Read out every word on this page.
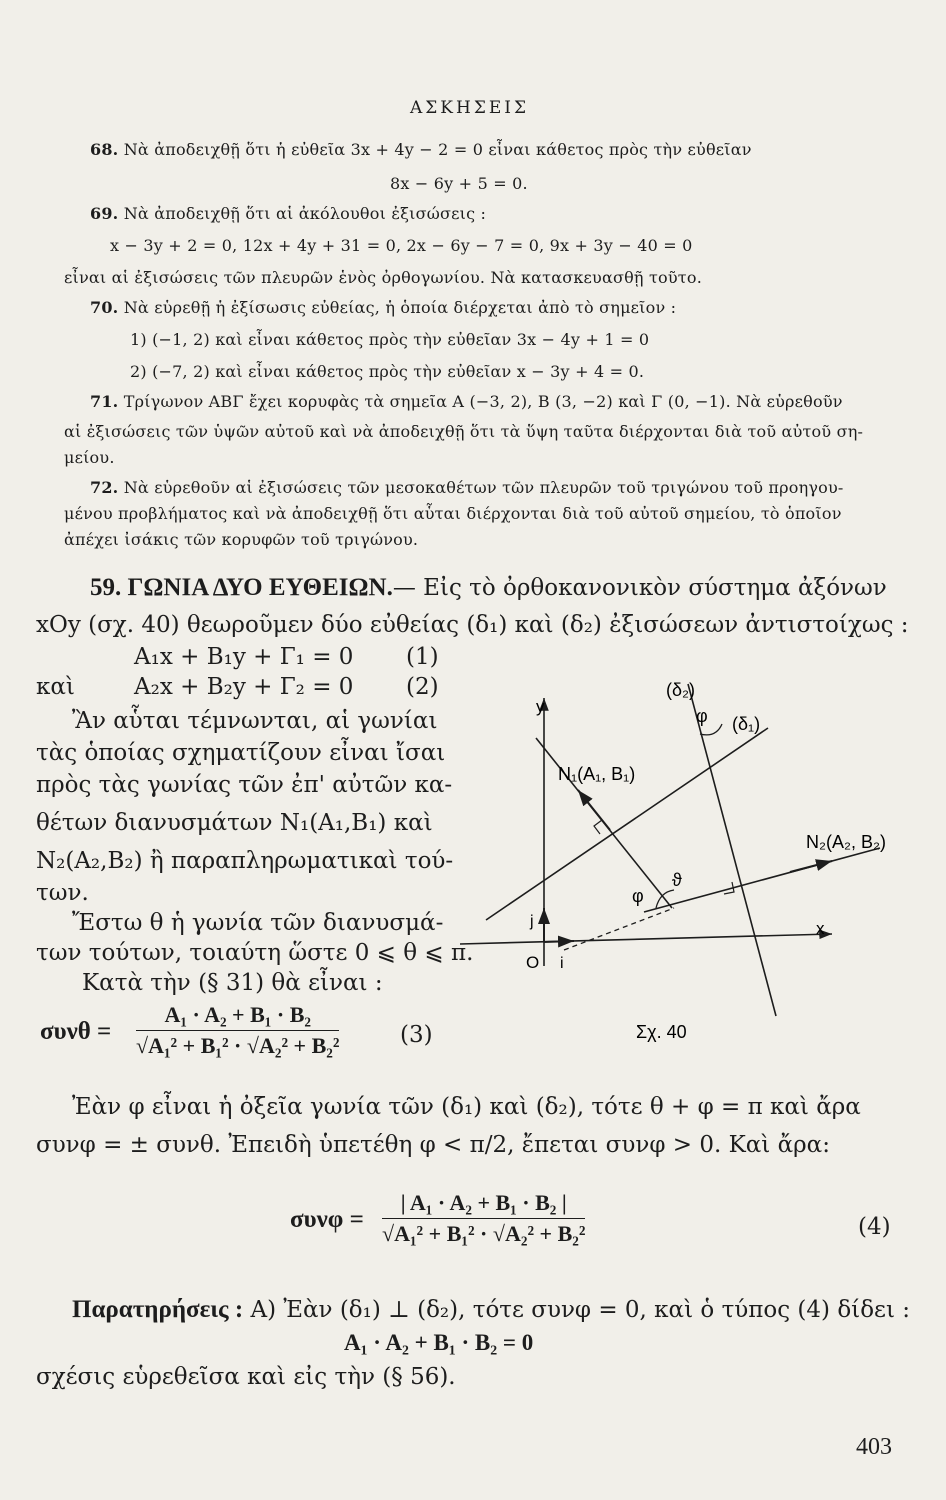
ΑΣΚΗΣΕΙΣ
68. Νὰ ἀποδειχθῇ ὅτι ἡ εὐθεῖα 3x + 4y − 2 = 0 εἶναι κάθετος πρὸς τὴν εὐθεῖαν
8x − 6y + 5 = 0.
69. Νὰ ἀποδειχθῇ ὅτι αἱ ἀκόλουθοι ἐξισώσεις :
x − 3y + 2 = 0, 12x + 4y + 31 = 0, 2x − 6y − 7 = 0, 9x + 3y − 40 = 0
εἶναι αἱ ἐξισώσεις τῶν πλευρῶν ἑνὸς ὀρθογωνίου. Νὰ κατασκευασθῇ τοῦτο.
70. Νὰ εὑρεθῇ ἡ ἐξίσωσις εὐθείας, ἡ ὁποία διέρχεται ἀπὸ τὸ σημεῖον :
1) (−1, 2) καὶ εἶναι κάθετος πρὸς τὴν εὐθεῖαν 3x − 4y + 1 = 0
2) (−7, 2) καὶ εἶναι κάθετος πρὸς τὴν εὐθεῖαν x − 3y + 4 = 0.
71. Τρίγωνον ΑΒΓ ἔχει κορυφὰς τὰ σημεῖα Α (−3, 2), Β (3, −2) καὶ Γ (0, −1). Νὰ εὑρεθοῦν
αἱ ἐξισώσεις τῶν ὑψῶν αὐτοῦ καὶ νὰ ἀποδειχθῇ ὅτι τὰ ὕψη ταῦτα διέρχονται διὰ τοῦ αὐτοῦ ση-
μείου.
72. Νὰ εὑρεθοῦν αἱ ἐξισώσεις τῶν μεσοκαθέτων τῶν πλευρῶν τοῦ τριγώνου τοῦ προηγου-
μένου προβλήματος καὶ νὰ ἀποδειχθῇ ὅτι αὗται διέρχονται διὰ τοῦ αὐτοῦ σημείου, τὸ ὁποῖον
ἀπέχει ἰσάκις τῶν κορυφῶν τοῦ τριγώνου.
59. ΓΩΝΙΑ ΔΥΟ ΕΥΘΕΙΩΝ.— Εἰς τὸ ὀρθοκανονικὸν σύστημα ἀξόνων
xOy (σχ. 40) θεωροῦμεν δύο εὐθείας (δ₁) καὶ (δ₂) ἐξισώσεων ἀντιστοίχως :
A₁x + B₁y + Γ₁ = 0 (1)
καὶ	A₂x + B₂y + Γ₂ = 0 (2)
Ἂν αὗται τέμνωνται, αἱ γωνίαι
τὰς ὁποίας σχηματίζουν εἶναι ἴσαι
πρὸς τὰς γωνίας τῶν ἐπ' αὐτῶν κα-
θέτων διανυσμάτων N₁(A₁,B₁) καὶ
N₂(A₂,B₂) ἢ παραπληρωματικαὶ τού-
των.
Ἔστω θ ἡ γωνία τῶν διανυσμά-
των τούτων, τοιαύτη ὥστε 0 ⩽ θ ⩽ π.
Κατὰ τὴν (§ 31) θὰ εἶναι :
$\sigma\upsilon\nu\theta = \frac{\text{A₁ · A₂ + B₁ · B₂}}{\text{√A₁² + B₁² · √A₂² + B₂²}}$	(3)
Ἐὰν φ εἶναι ἡ ὀξεῖα γωνία τῶν (δ₁) καὶ (δ₂), τότε θ + φ = π καὶ ἄρα
συνφ = ± συνθ. Ἐπειδὴ ὑπετέθη φ < π/2, ἔπεται συνφ > 0. Καὶ ἄρα:
$\sigma\upsilon\nu\varphi = \frac{\text{| A₁ · A₂ + B₁ · B₂ |}}{\text{√A₁² + B₁² · √A₂² + B₂²}}$	(4)
Παρατηρήσεις : Α) Ἐὰν (δ₁) ⊥ (δ₂), τότε συνφ = 0, καὶ ὁ τύπος (4) δίδει :
A₁ · A₂ + B₁ · B₂ = 0
σχέσις εὑρεθεῖσα καὶ εἰς τὴν (§ 56).
y
x
O i
j
N₁(A₁, B₁)
N₂(A₂, B₂)
(δ₁)
(δ₂)
φ
ϑ
φ
Σχ. 40
403
